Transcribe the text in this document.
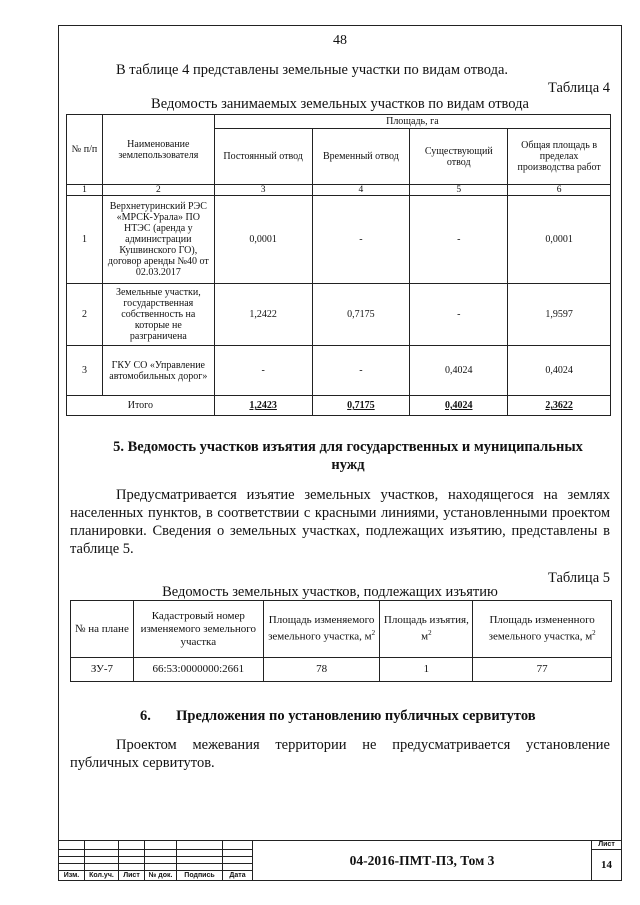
48
В таблице 4 представлены земельные участки по видам отвода.
Таблица 4
Ведомость занимаемых земельных участков по видам отвода
№ п/п	Наименование землепользователя	Площадь, га			
		Постоянный отвод	Временный отвод	Существующий отвод	Общая площадь в пределах производства работ
1	2	3	4	5	6
1	Верхнетуринский РЭС «МРСК-Урала» ПО НТЭС (аренда у администрации Кушвинского ГО), договор аренды №40 от 02.03.2017	0,0001	-	-	0,0001
2	Земельные участки, государственная собственность на которые не разграничена	1,2422	0,7175	-	1,9597
3	ГКУ СО «Управление автомобильных дорог»	-	-	0,4024	0,4024
Итого		1,2423	0,7175	0,4024	2,3622
5. Ведомость участков изъятия для государственных и муниципальных
нужд
Предусматривается изъятие земельных участков, находящегося на землях населенных пунктов, в соответствии с красными линиями, установленными проектом планировки. Сведения о земельных участках, подлежащих изъятию, представлены в таблице 5.
Таблица 5
Ведомость земельных участков, подлежащих изъятию
№ на плане	Кадастровый номер изменяемого земельного участка	Площадь изменяемого земельного участка, $м^2$	Площадь изъятия, $м^2$	Площадь измененного земельного участка, $м^2$
ЗУ-7	66:53:0000000:2661	78	1	77
6. Предложения по установлению публичных сервитутов
Проектом межевания территории не предусматривается установление публичных сервитутов.
						04-2016-ПМТ-ПЗ, Том 3	Лист
							14

Изм.	Кол.уч.	Лист	№ док.	Подпись	Дата		
